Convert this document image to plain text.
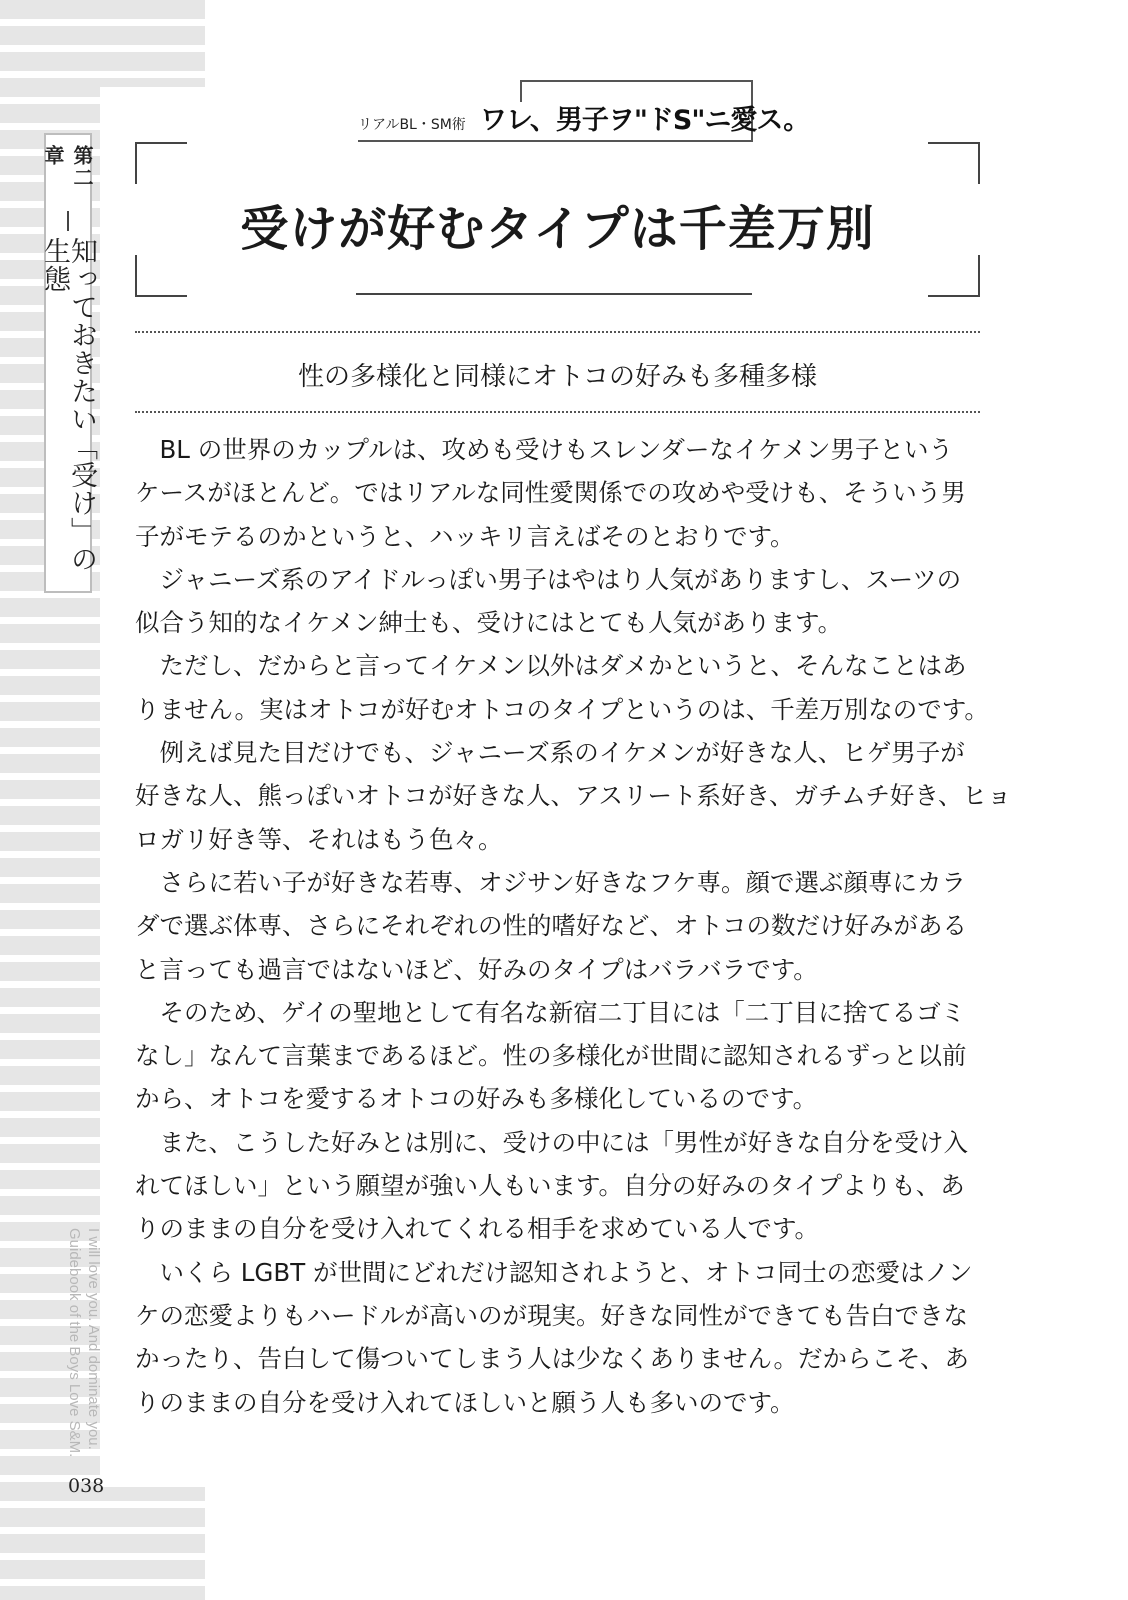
第二章
知っておきたい「受け」の生態
I will love you. And dominate you.
Guidebook of the Boys Love S&M.
038
リアルBL・SM術 ワレ、男子ヲ"ドS"ニ愛ス。
受けが好むタイプは千差万別
性の多様化と同様にオトコの好みも多種多様
　BL の世界のカップルは、攻めも受けもスレンダーなイケメン男子という
ケースがほとんど。ではリアルな同性愛関係での攻めや受けも、そういう男
子がモテるのかというと、ハッキリ言えばそのとおりです。
　ジャニーズ系のアイドルっぽい男子はやはり人気がありますし、スーツの
似合う知的なイケメン紳士も、受けにはとても人気があります。
　ただし、だからと言ってイケメン以外はダメかというと、そんなことはあ
りません。実はオトコが好むオトコのタイプというのは、千差万別なのです。
　例えば見た目だけでも、ジャニーズ系のイケメンが好きな人、ヒゲ男子が
好きな人、熊っぽいオトコが好きな人、アスリート系好き、ガチムチ好き、ヒョ
ロガリ好き等、それはもう色々。
　さらに若い子が好きな若専、オジサン好きなフケ専。顔で選ぶ顔専にカラ
ダで選ぶ体専、さらにそれぞれの性的嗜好など、オトコの数だけ好みがある
と言っても過言ではないほど、好みのタイプはバラバラです。
　そのため、ゲイの聖地として有名な新宿二丁目には「二丁目に捨てるゴミ
なし」なんて言葉まであるほど。性の多様化が世間に認知されるずっと以前
から、オトコを愛するオトコの好みも多様化しているのです。
　また、こうした好みとは別に、受けの中には「男性が好きな自分を受け入
れてほしい」という願望が強い人もいます。自分の好みのタイプよりも、あ
りのままの自分を受け入れてくれる相手を求めている人です。
　いくら LGBT が世間にどれだけ認知されようと、オトコ同士の恋愛はノン
ケの恋愛よりもハードルが高いのが現実。好きな同性ができても告白できな
かったり、告白して傷ついてしまう人は少なくありません。だからこそ、あ
りのままの自分を受け入れてほしいと願う人も多いのです。
